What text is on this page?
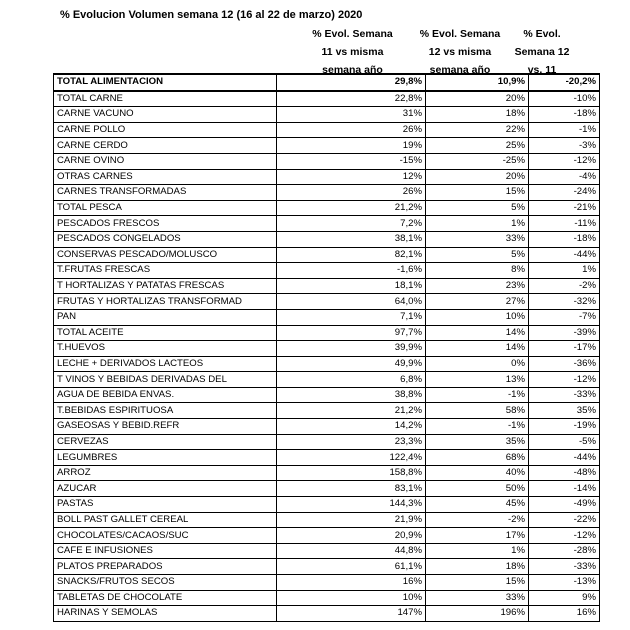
% Evolucion Volumen semana 12 (16 al 22 de marzo) 2020
% Evol. Semana
11 vs misma
semana año
% Evol. Semana
12 vs misma
semana año
% Evol.
Semana 12
vs. 11
TOTAL ALIMENTACION	29,8%	10,9%	-20,2%
TOTAL CARNE	22,8%	20%	-10%
CARNE VACUNO	31%	18%	-18%
CARNE POLLO	26%	22%	-1%
CARNE CERDO	19%	25%	-3%
CARNE OVINO	-15%	-25%	-12%
OTRAS CARNES	12%	20%	-4%
CARNES TRANSFORMADAS	26%	15%	-24%
TOTAL PESCA	21,2%	5%	-21%
PESCADOS FRESCOS	7,2%	1%	-11%
PESCADOS CONGELADOS	38,1%	33%	-18%
CONSERVAS PESCADO/MOLUSCO	82,1%	5%	-44%
T.FRUTAS FRESCAS	-1,6%	8%	1%
T HORTALIZAS Y PATATAS FRESCAS	18,1%	23%	-2%
FRUTAS Y HORTALIZAS TRANSFORMAD	64,0%	27%	-32%
PAN	7,1%	10%	-7%
TOTAL ACEITE	97,7%	14%	-39%
T.HUEVOS	39,9%	14%	-17%
LECHE + DERIVADOS LACTEOS	49,9%	0%	-36%
T VINOS Y BEBIDAS DERIVADAS DEL	6,8%	13%	-12%
AGUA DE BEBIDA ENVAS.	38,8%	-1%	-33%
T.BEBIDAS ESPIRITUOSA	21,2%	58%	35%
GASEOSAS Y BEBID.REFR	14,2%	-1%	-19%
CERVEZAS	23,3%	35%	-5%
LEGUMBRES	122,4%	68%	-44%
ARROZ	158,8%	40%	-48%
AZUCAR	83,1%	50%	-14%
PASTAS	144,3%	45%	-49%
BOLL PAST GALLET CEREAL	21,9%	-2%	-22%
CHOCOLATES/CACAOS/SUC	20,9%	17%	-12%
CAFE E INFUSIONES	44,8%	1%	-28%
PLATOS PREPARADOS	61,1%	18%	-33%
SNACKS/FRUTOS SECOS	16%	15%	-13%
TABLETAS DE CHOCOLATE	10%	33%	9%
HARINAS Y SEMOLAS	147%	196%	16%
